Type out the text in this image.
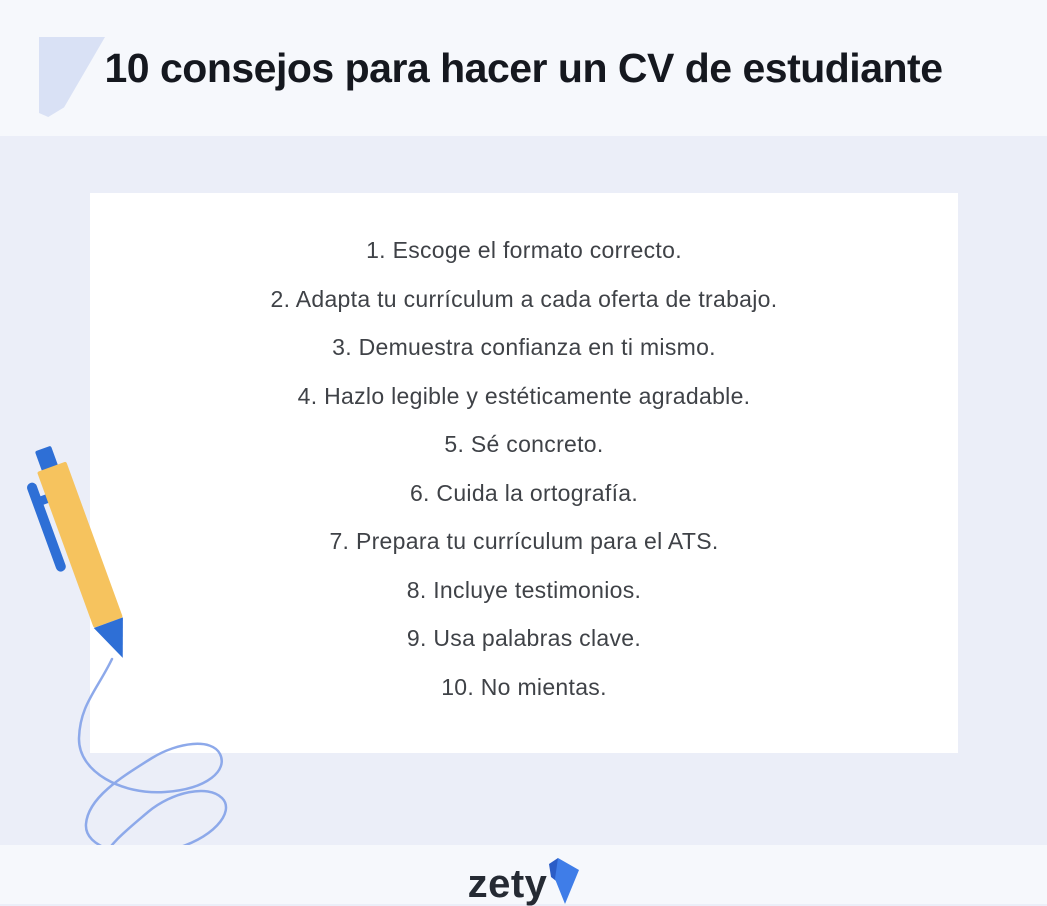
10 consejos para hacer un CV de estudiante
1. Escoge el formato correcto.
2. Adapta tu currículum a cada oferta de trabajo.
3. Demuestra confianza en ti mismo.
4. Hazlo legible y estéticamente agradable.
5. Sé concreto.
6. Cuida la ortografía.
7. Prepara tu currículum para el ATS.
8. Incluye testimonios.
9. Usa palabras clave.
10. No mientas.
zety
